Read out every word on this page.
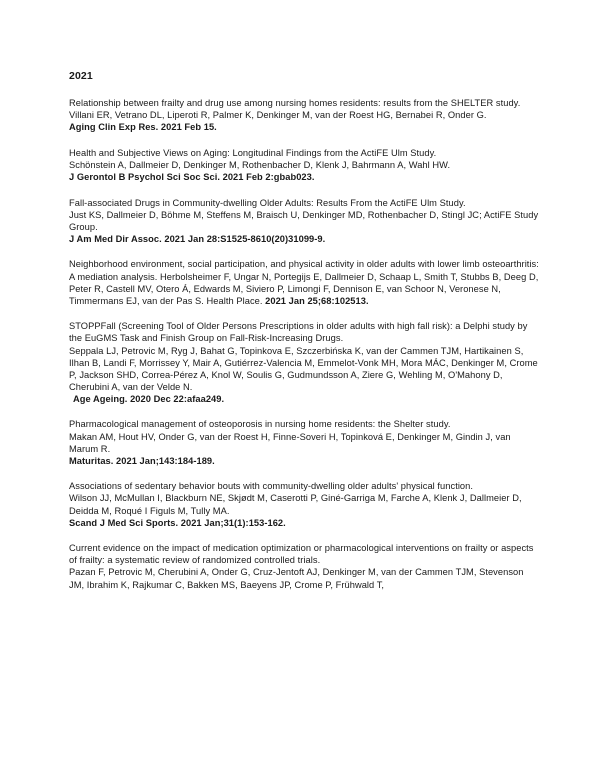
2021

Relationship between frailty and drug use among nursing homes residents: results from the SHELTER study.

Villani ER, Vetrano DL, Liperoti R, Palmer K, Denkinger M, van der Roest HG, Bernabei R, Onder G.

Aging Clin Exp Res. 2021 Feb 15.

Health and Subjective Views on Aging: Longitudinal Findings from the ActiFE Ulm Study.

Schönstein A, Dallmeier D, Denkinger M, Rothenbacher D, Klenk J, Bahrmann A, Wahl HW.

J Gerontol B Psychol Sci Soc Sci. 2021 Feb 2:gbab023.

Fall-associated Drugs in Community-dwelling Older Adults: Results From the ActiFE Ulm Study.

Just KS, Dallmeier D, Böhme M, Steffens M, Braisch U, Denkinger MD, Rothenbacher D, Stingl JC; ActiFE Study Group.

J Am Med Dir Assoc. 2021 Jan 28:S1525-8610(20)31099-9.

Neighborhood environment, social participation, and physical activity in older adults with lower limb osteoarthritis: A mediation analysis. Herbolsheimer F, Ungar N, Portegijs E, Dallmeier D, Schaap L, Smith T, Stubbs B, Deeg D, Peter R, Castell MV, Otero Á, Edwards M, Siviero P, Limongi F, Dennison E, van Schoor N, Veronese N, Timmermans EJ, van der Pas S. Health Place. 2021 Jan 25;68:102513.

STOPPFall (Screening Tool of Older Persons Prescriptions in older adults with high fall risk): a Delphi study by the EuGMS Task and Finish Group on Fall-Risk-Increasing Drugs.

Seppala LJ, Petrovic M, Ryg J, Bahat G, Topinkova E, Szczerbińska K, van der Cammen TJM, Hartikainen S, Ilhan B, Landi F, Morrissey Y, Mair A, Gutiérrez-Valencia M, Emmelot-Vonk MH, Mora MÁC, Denkinger M, Crome P, Jackson SHD, Correa-Pérez A, Knol W, Soulis G, Gudmundsson A, Ziere G, Wehling M, O'Mahony D, Cherubini A, van der Velde N.

Age Ageing. 2020 Dec 22:afaa249.

Pharmacological management of osteoporosis in nursing home residents: the Shelter study.

Makan AM, Hout HV, Onder G, van der Roest H, Finne-Soveri H, Topinková E, Denkinger M, Gindin J, van Marum R.

Maturitas. 2021 Jan;143:184-189.

Associations of sedentary behavior bouts with community-dwelling older adults' physical function.

Wilson JJ, McMullan I, Blackburn NE, Skjødt M, Caserotti P, Giné-Garriga M, Farche A, Klenk J, Dallmeier D, Deidda M, Roqué I Figuls M, Tully MA.

Scand J Med Sci Sports. 2021 Jan;31(1):153-162.

Current evidence on the impact of medication optimization or pharmacological interventions on frailty or aspects of frailty: a systematic review of randomized controlled trials.

Pazan F, Petrovic M, Cherubini A, Onder G, Cruz-Jentoft AJ, Denkinger M, van der Cammen TJM, Stevenson JM, Ibrahim K, Rajkumar C, Bakken MS, Baeyens JP, Crome P, Frühwald T,
